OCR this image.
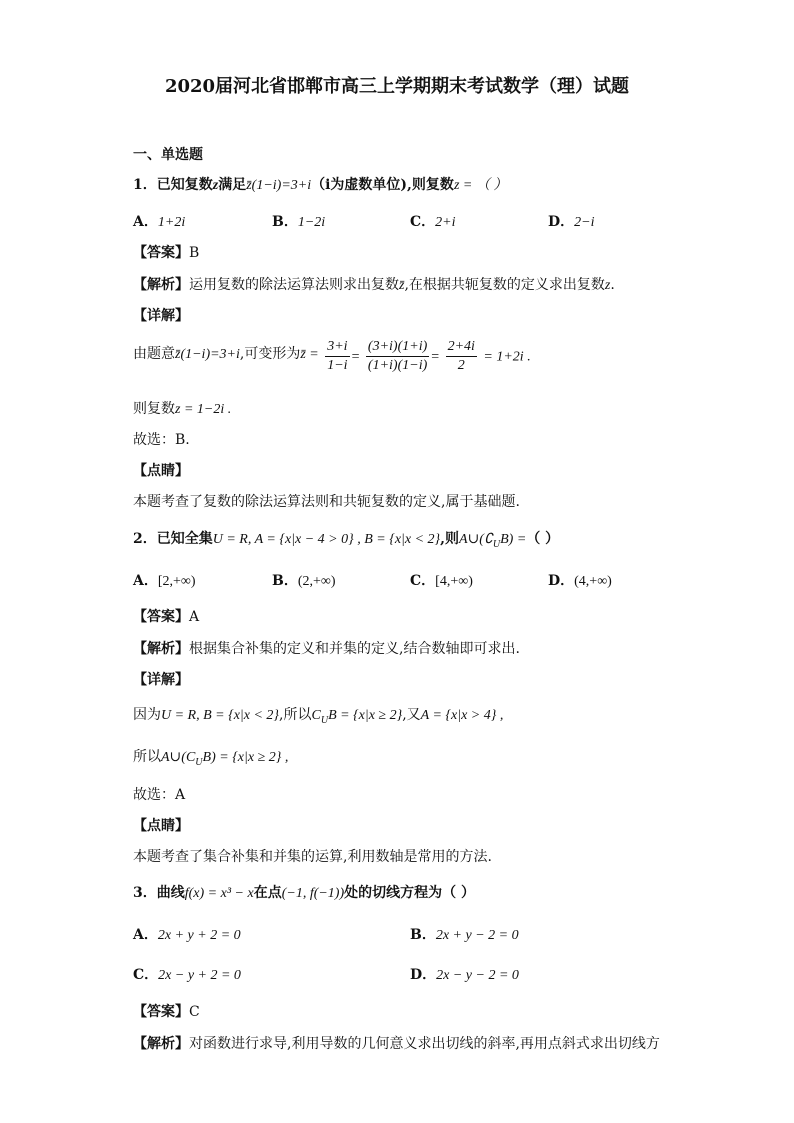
2020届河北省邯郸市高三上学期期末考试数学（理）试题
一、单选题
1．已知复数z满足z̄(1−i)=3+i（i为虚数单位),则复数z = （ ）
A．1+2i	B．1−2i	C．2+i	D．2−i
【答案】B
【解析】运用复数的除法运算法则求出复数z̄,在根据共轭复数的定义求出复数z.
【详解】
由题意z̄(1−i)=3+i,可变形为z̄ = $\frac{3+i}{1-i} = \frac{(3+i)(1+i)}{(1+i)(1-i)} = \frac{2+4i}{2} = 1+2i$ .
则复数z = 1−2i .
故选：B.
【点睛】
本题考查了复数的除法运算法则和共轭复数的定义,属于基础题.
2．已知全集U = R, A = {x|x − 4 > 0} , B = {x|x < 2},则$A\cup(∁_UB)$ =（ ）
A．[2,+∞)	B．(2,+∞)	C．[4,+∞)	D．(4,+∞)
【答案】A
【解析】根据集合补集的定义和并集的定义,结合数轴即可求出.
【详解】
因为U = R, B = {x|x < 2},所以$C_UB = \{x|x \ge 2\}$,又A = {x|x > 4} ,
所以$A\cup(C_UB) = \{x|x \ge 2\}$ ,
故选：A
【点睛】
本题考查了集合补集和并集的运算,利用数轴是常用的方法.
3．曲线f(x) = x³ − x在点(−1, f(−1))处的切线方程为（ ）
A．2x + y + 2 = 0	B．2x + y − 2 = 0
C．2x − y + 2 = 0	D．2x − y − 2 = 0
【答案】C
【解析】对函数进行求导,利用导数的几何意义求出切线的斜率,再用点斜式求出切线方
